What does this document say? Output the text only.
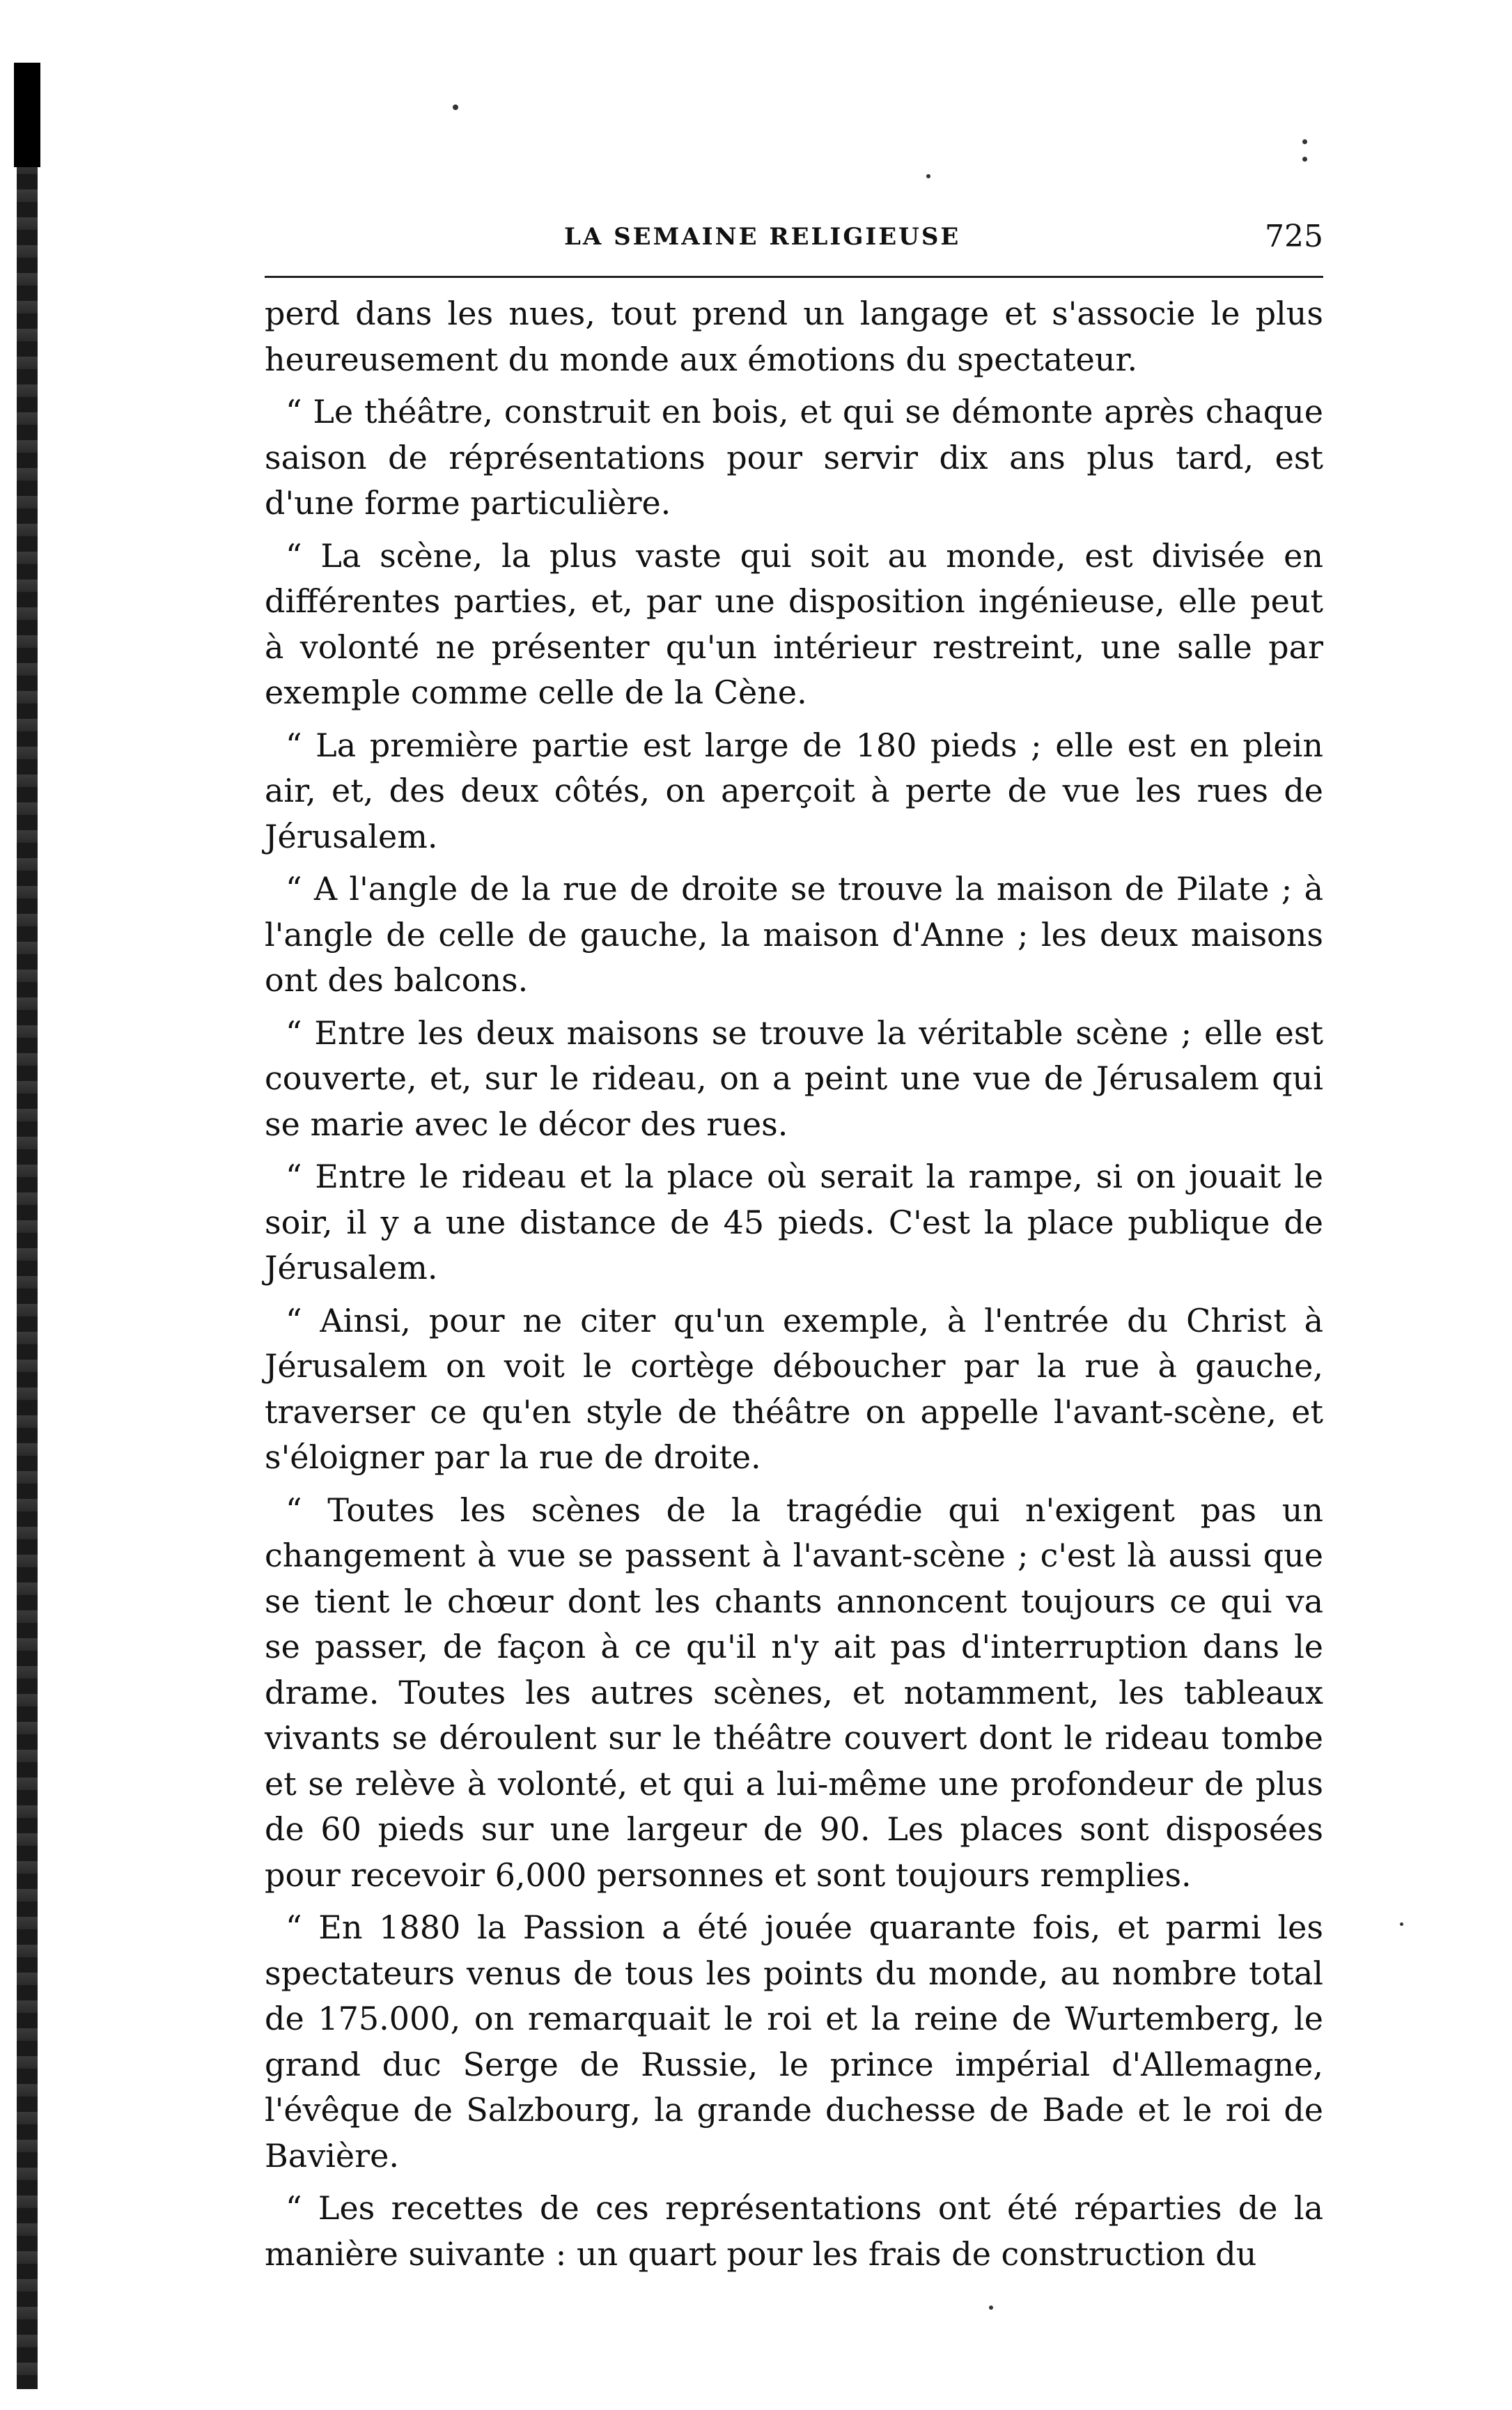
LA SEMAINE RELIGIEUSE	725

perd dans les nues, tout prend un langage et s'associe le plus heureusement du monde aux émotions du spectateur.

“ Le théâtre, construit en bois, et qui se démonte après chaque saison de réprésentations pour servir dix ans plus tard, est d'une forme particulière.

“ La scène, la plus vaste qui soit au monde, est divisée en différentes parties, et, par une disposition ingénieuse, elle peut à volonté ne présenter qu'un intérieur restreint, une salle par exemple comme celle de la Cène.

“ La première partie est large de 180 pieds ; elle est en plein air, et, des deux côtés, on aperçoit à perte de vue les rues de Jérusalem.

“ A l'angle de la rue de droite se trouve la maison de Pilate ; à l'angle de celle de gauche, la maison d'Anne ; les deux maisons ont des balcons.

“ Entre les deux maisons se trouve la véritable scène ; elle est couverte, et, sur le rideau, on a peint une vue de Jérusalem qui se marie avec le décor des rues.

“ Entre le rideau et la place où serait la rampe, si on jouait le soir, il y a une distance de 45 pieds. C'est la place publique de Jérusalem.

“ Ainsi, pour ne citer qu'un exemple, à l'entrée du Christ à Jérusalem on voit le cortège déboucher par la rue à gauche, traverser ce qu'en style de théâtre on appelle l'avant-scène, et s'éloigner par la rue de droite.

“ Toutes les scènes de la tragédie qui n'exigent pas un changement à vue se passent à l'avant-scène ; c'est là aussi que se tient le chœur dont les chants annoncent toujours ce qui va se passer, de façon à ce qu'il n'y ait pas d'interruption dans le drame. Toutes les autres scènes, et notamment, les tableaux vivants se déroulent sur le théâtre couvert dont le rideau tombe et se relève à volonté, et qui a lui-même une profondeur de plus de 60 pieds sur une largeur de 90. Les places sont disposées pour recevoir 6,000 personnes et sont toujours remplies.

“ En 1880 la Passion a été jouée quarante fois, et parmi les spectateurs venus de tous les points du monde, au nombre total de 175.000, on remarquait le roi et la reine de Wurtemberg, le grand duc Serge de Russie, le prince impérial d'Allemagne, l'évêque de Salzbourg, la grande duchesse de Bade et le roi de Bavière.

“ Les recettes de ces représentations ont été réparties de la manière suivante : un quart pour les frais de construction du
